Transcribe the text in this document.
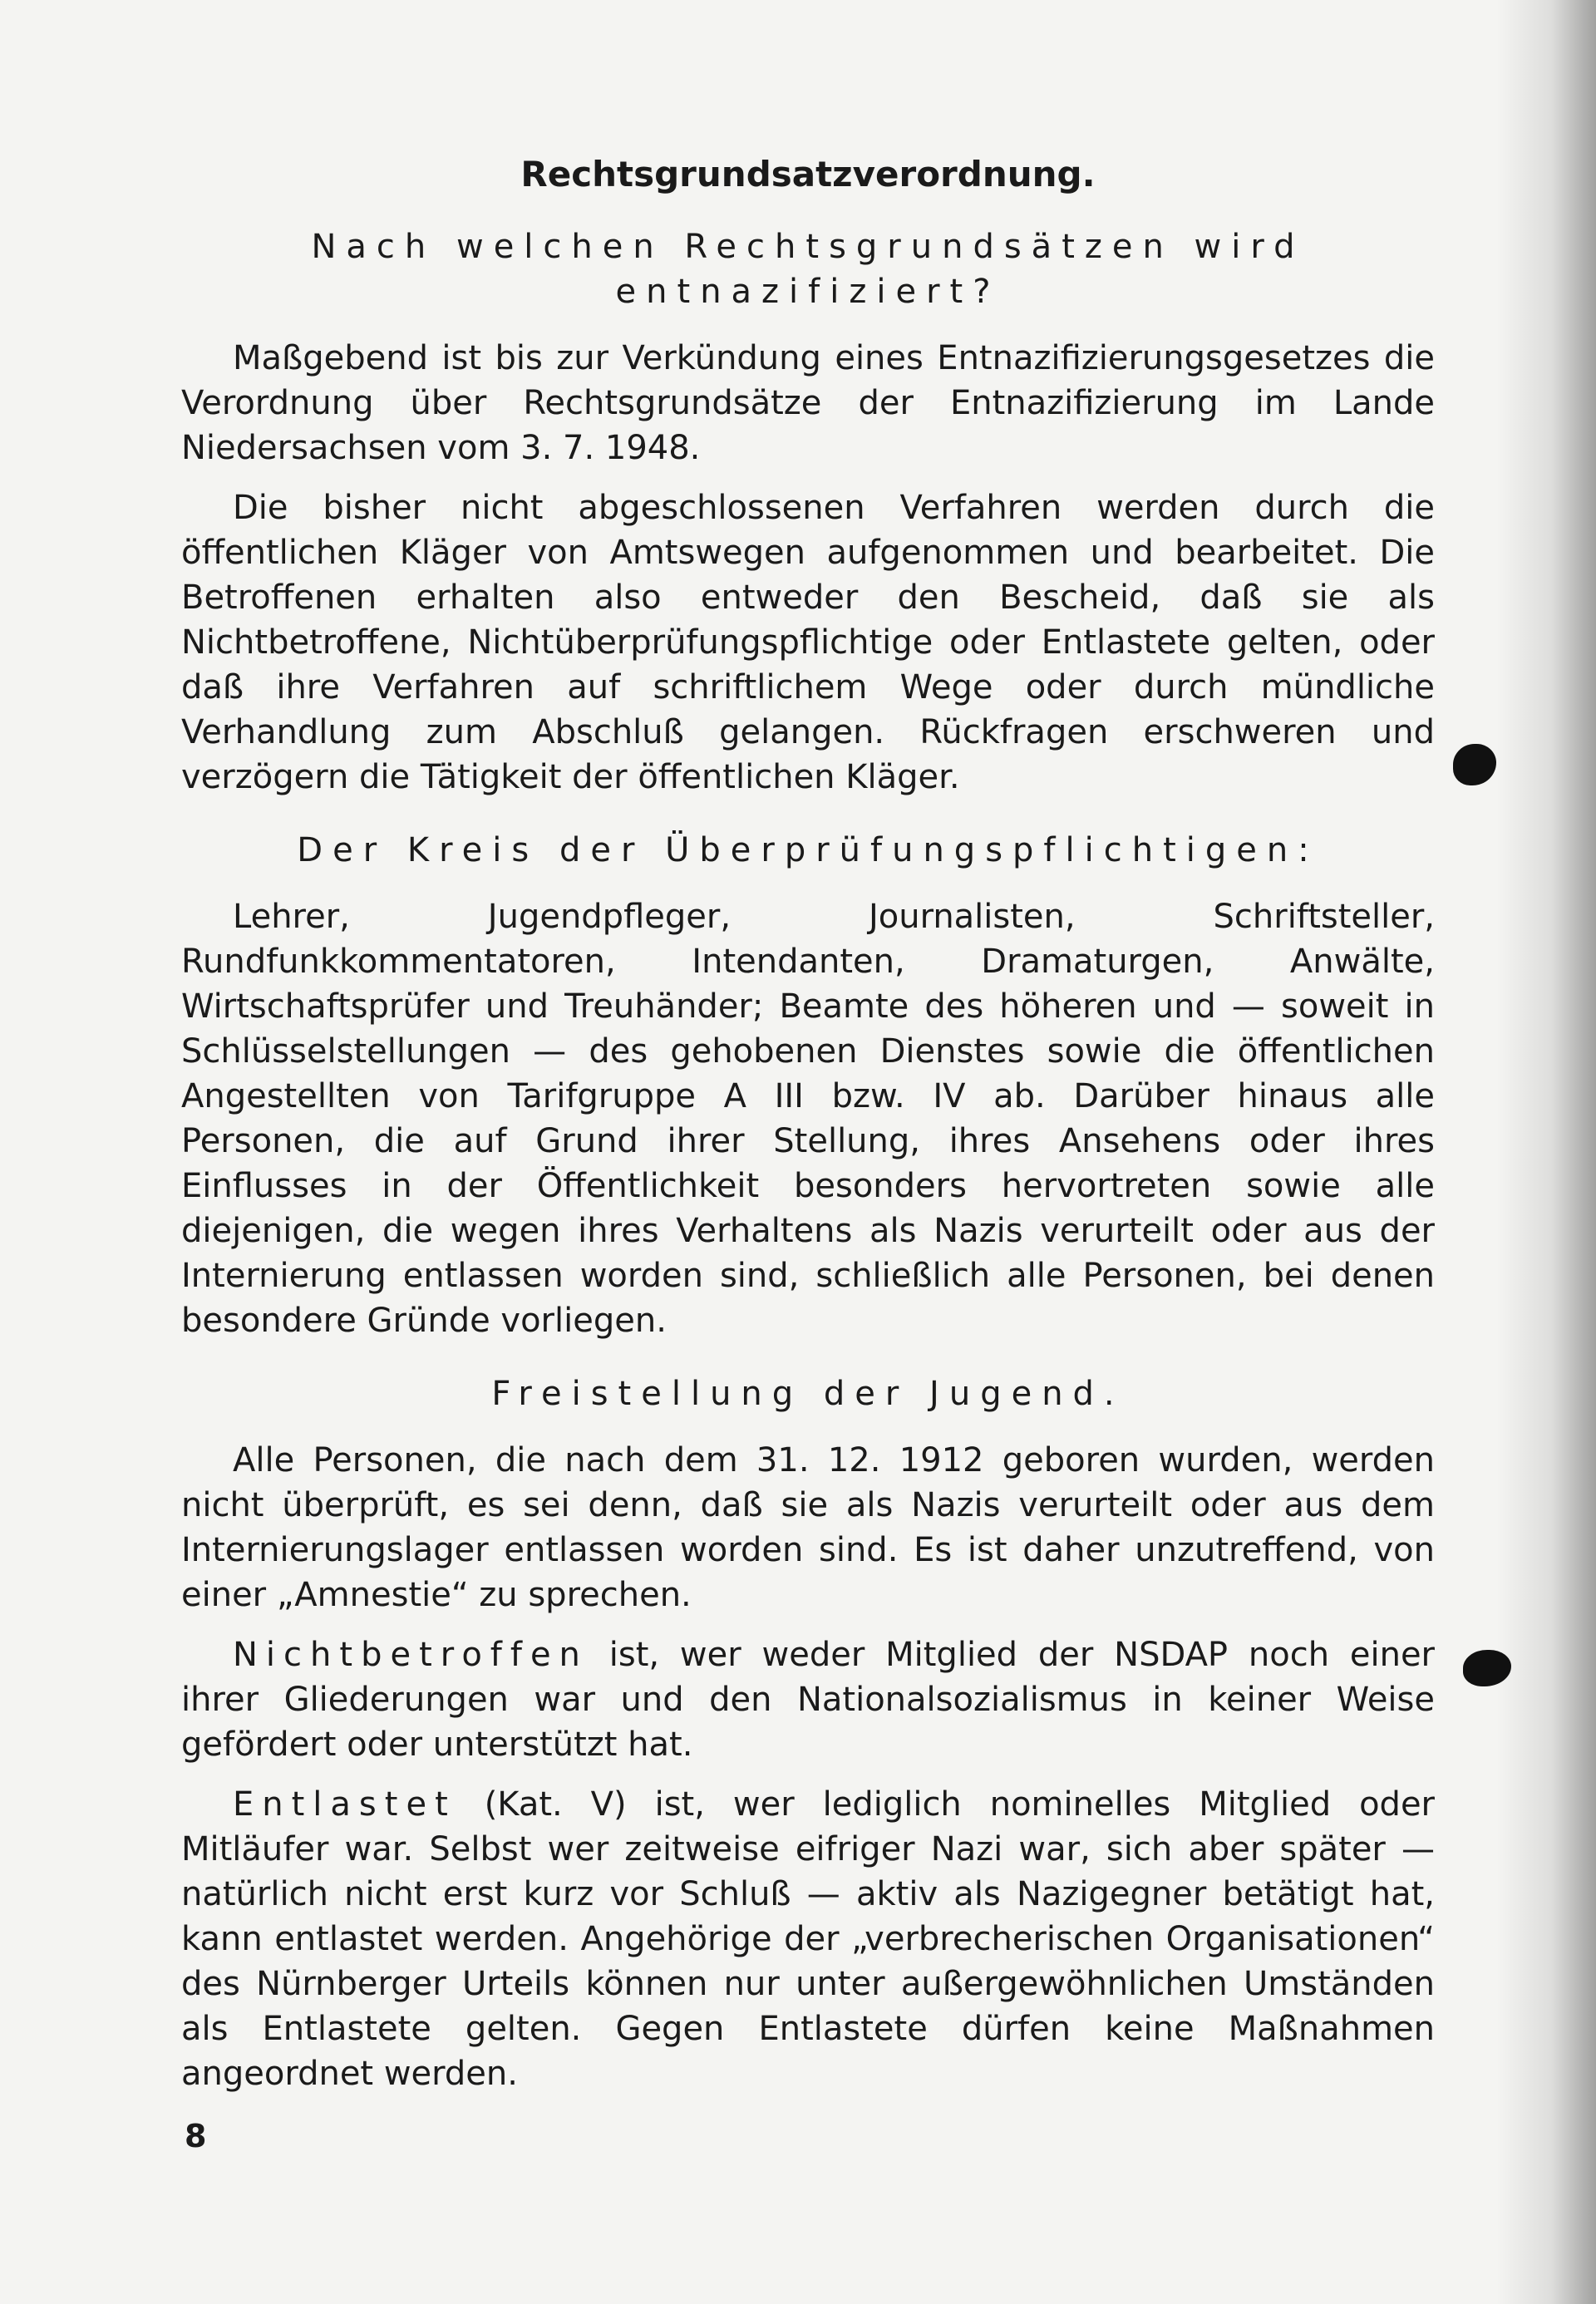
Rechtsgrundsatzverordnung.
Nach welchen Rechtsgrundsätzen wird entnazifiziert?

Maßgebend ist bis zur Verkündung eines Entnazifizierungsgesetzes die Verordnung über Rechtsgrundsätze der Entnazifizierung im Lande Niedersachsen vom 3. 7. 1948.

Die bisher nicht abgeschlossenen Verfahren werden durch die öffentlichen Kläger von Amtswegen aufgenommen und bearbeitet. Die Betroffenen erhalten also entweder den Bescheid, daß sie als Nichtbetroffene, Nichtüberprüfungspflichtige oder Entlastete gelten, oder daß ihre Verfahren auf schriftlichem Wege oder durch mündliche Verhandlung zum Abschluß gelangen. Rückfragen erschweren und verzögern die Tätigkeit der öffentlichen Kläger.

Der Kreis der Überprüfungspflichtigen:

Lehrer, Jugendpfleger, Journalisten, Schriftsteller, Rundfunkkommentatoren, Intendanten, Dramaturgen, Anwälte, Wirtschaftsprüfer und Treuhänder; Beamte des höheren und — soweit in Schlüsselstellungen — des gehobenen Dienstes sowie die öffentlichen Angestellten von Tarifgruppe A III bzw. IV ab. Darüber hinaus alle Personen, die auf Grund ihrer Stellung, ihres Ansehens oder ihres Einflusses in der Öffentlichkeit besonders hervortreten sowie alle diejenigen, die wegen ihres Verhaltens als Nazis verurteilt oder aus der Internierung entlassen worden sind, schließlich alle Personen, bei denen besondere Gründe vorliegen.

Freistellung der Jugend.

Alle Personen, die nach dem 31. 12. 1912 geboren wurden, werden nicht überprüft, es sei denn, daß sie als Nazis verurteilt oder aus dem Internierungslager entlassen worden sind. Es ist daher unzutreffend, von einer „Amnestie“ zu sprechen.

Nichtbetroffen ist, wer weder Mitglied der NSDAP noch einer ihrer Gliederungen war und den Nationalsozialismus in keiner Weise gefördert oder unterstützt hat.

Entlastet (Kat. V) ist, wer lediglich nominelles Mitglied oder Mitläufer war. Selbst wer zeitweise eifriger Nazi war, sich aber später — natürlich nicht erst kurz vor Schluß — aktiv als Nazigegner betätigt hat, kann entlastet werden. Angehörige der „verbrecherischen Organisationen“ des Nürnberger Urteils können nur unter außergewöhnlichen Umständen als Entlastete gelten. Gegen Entlastete dürfen keine Maßnahmen angeordnet werden.

8
